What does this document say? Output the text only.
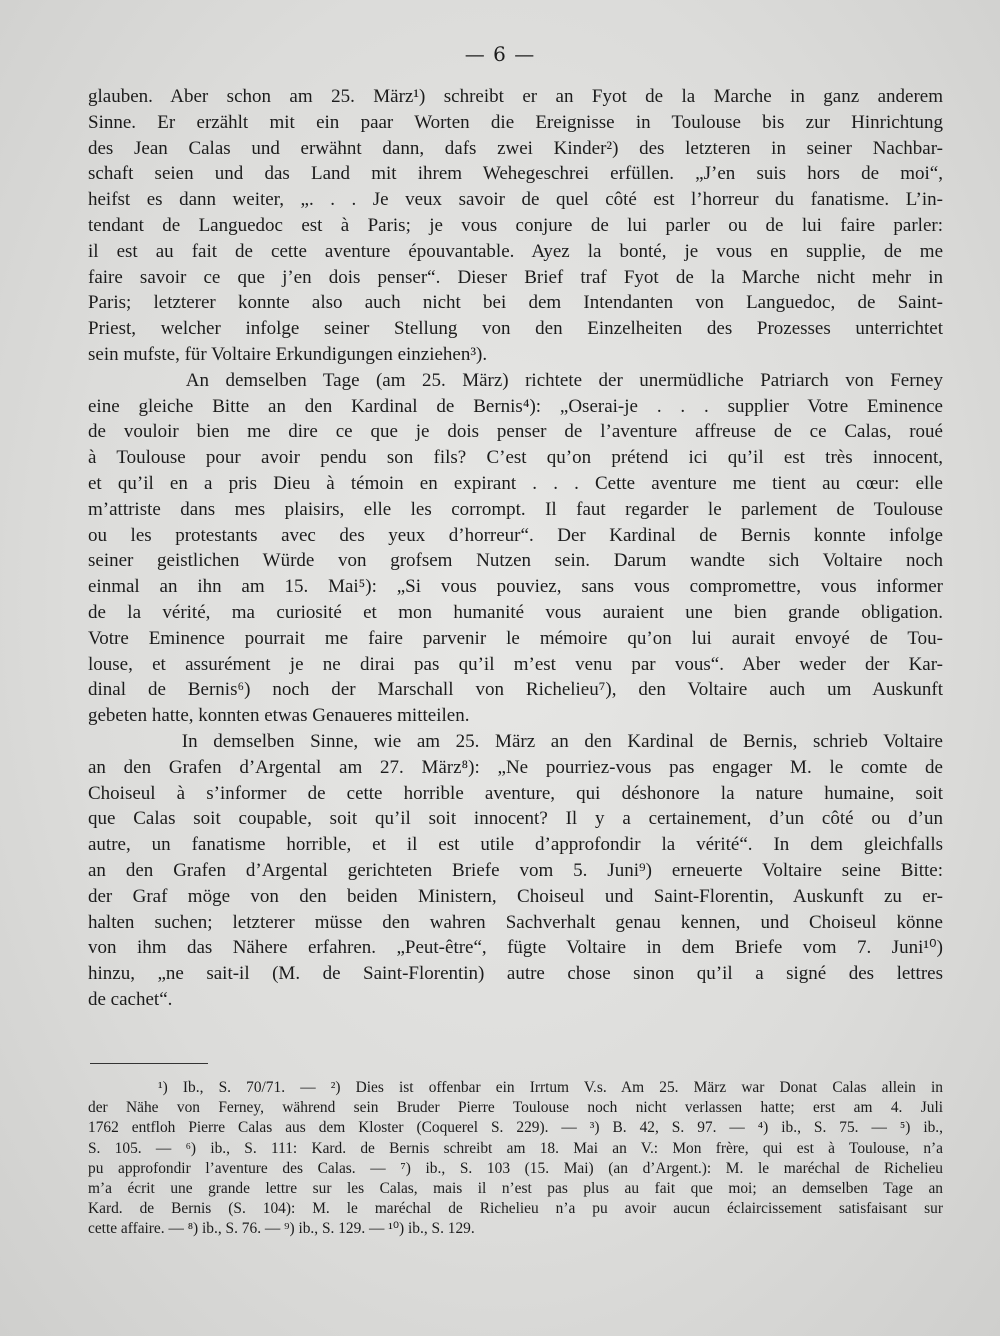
— 6 —
glauben. Aber schon am 25. März¹) schreibt er an Fyot de la Marche in ganz anderem
Sinne. Er erzählt mit ein paar Worten die Ereignisse in Toulouse bis zur Hinrichtung
des Jean Calas und erwähnt dann, dafs zwei Kinder²) des letzteren in seiner Nachbar-
schaft seien und das Land mit ihrem Wehegeschrei erfüllen. „J’en suis hors de moi“,
heifst es dann weiter, „. . . Je veux savoir de quel côté est l’horreur du fanatisme. L’in-
tendant de Languedoc est à Paris; je vous conjure de lui parler ou de lui faire parler:
il est au fait de cette aventure épouvantable. Ayez la bonté, je vous en supplie, de me
faire savoir ce que j’en dois penser“. Dieser Brief traf Fyot de la Marche nicht mehr in
Paris; letzterer konnte also auch nicht bei dem Intendanten von Languedoc, de Saint-
Priest, welcher infolge seiner Stellung von den Einzelheiten des Prozesses unterrichtet
sein mufste, für Voltaire Erkundigungen einziehen³).
An demselben Tage (am 25. März) richtete der unermüdliche Patriarch von Ferney
eine gleiche Bitte an den Kardinal de Bernis⁴): „Oserai-je . . . supplier Votre Eminence
de vouloir bien me dire ce que je dois penser de l’aventure affreuse de ce Calas, roué
à Toulouse pour avoir pendu son fils? C’est qu’on prétend ici qu’il est très innocent,
et qu’il en a pris Dieu à témoin en expirant . . . Cette aventure me tient au cœur: elle
m’attriste dans mes plaisirs, elle les corrompt. Il faut regarder le parlement de Toulouse
ou les protestants avec des yeux d’horreur“. Der Kardinal de Bernis konnte infolge
seiner geistlichen Würde von grofsem Nutzen sein. Darum wandte sich Voltaire noch
einmal an ihn am 15. Mai⁵): „Si vous pouviez, sans vous compromettre, vous informer
de la vérité, ma curiosité et mon humanité vous auraient une bien grande obligation.
Votre Eminence pourrait me faire parvenir le mémoire qu’on lui aurait envoyé de Tou-
louse, et assurément je ne dirai pas qu’il m’est venu par vous“. Aber weder der Kar-
dinal de Bernis⁶) noch der Marschall von Richelieu⁷), den Voltaire auch um Auskunft
gebeten hatte, konnten etwas Genaueres mitteilen.
In demselben Sinne, wie am 25. März an den Kardinal de Bernis, schrieb Voltaire
an den Grafen d’Argental am 27. März⁸): „Ne pourriez-vous pas engager M. le comte de
Choiseul à s’informer de cette horrible aventure, qui déshonore la nature humaine, soit
que Calas soit coupable, soit qu’il soit innocent? Il y a certainement, d’un côté ou d’un
autre, un fanatisme horrible, et il est utile d’approfondir la vérité“. In dem gleichfalls
an den Grafen d’Argental gerichteten Briefe vom 5. Juni⁹) erneuerte Voltaire seine Bitte:
der Graf möge von den beiden Ministern, Choiseul und Saint-Florentin, Auskunft zu er-
halten suchen; letzterer müsse den wahren Sachverhalt genau kennen, und Choiseul könne
von ihm das Nähere erfahren. „Peut-être“, fügte Voltaire in dem Briefe vom 7. Juni¹⁰)
hinzu, „ne sait-il (M. de Saint-Florentin) autre chose sinon qu’il a signé des lettres
de cachet“.
¹) Ib., S. 70/71. — ²) Dies ist offenbar ein Irrtum V.s. Am 25. März war Donat Calas allein in
der Nähe von Ferney, während sein Bruder Pierre Toulouse noch nicht verlassen hatte; erst am 4. Juli
1762 entfloh Pierre Calas aus dem Kloster (Coquerel S. 229). — ³) B. 42, S. 97. — ⁴) ib., S. 75. — ⁵) ib.,
S. 105. — ⁶) ib., S. 111: Kard. de Bernis schreibt am 18. Mai an V.: Mon frère, qui est à Toulouse, n’a
pu approfondir l’aventure des Calas. — ⁷) ib., S. 103 (15. Mai) (an d’Argent.): M. le maréchal de Richelieu
m’a écrit une grande lettre sur les Calas, mais il n’est pas plus au fait que moi; an demselben Tage an
Kard. de Bernis (S. 104): M. le maréchal de Richelieu n’a pu avoir aucun éclaircissement satisfaisant sur
cette affaire. — ⁸) ib., S. 76. — ⁹) ib., S. 129. — ¹⁰) ib., S. 129.
